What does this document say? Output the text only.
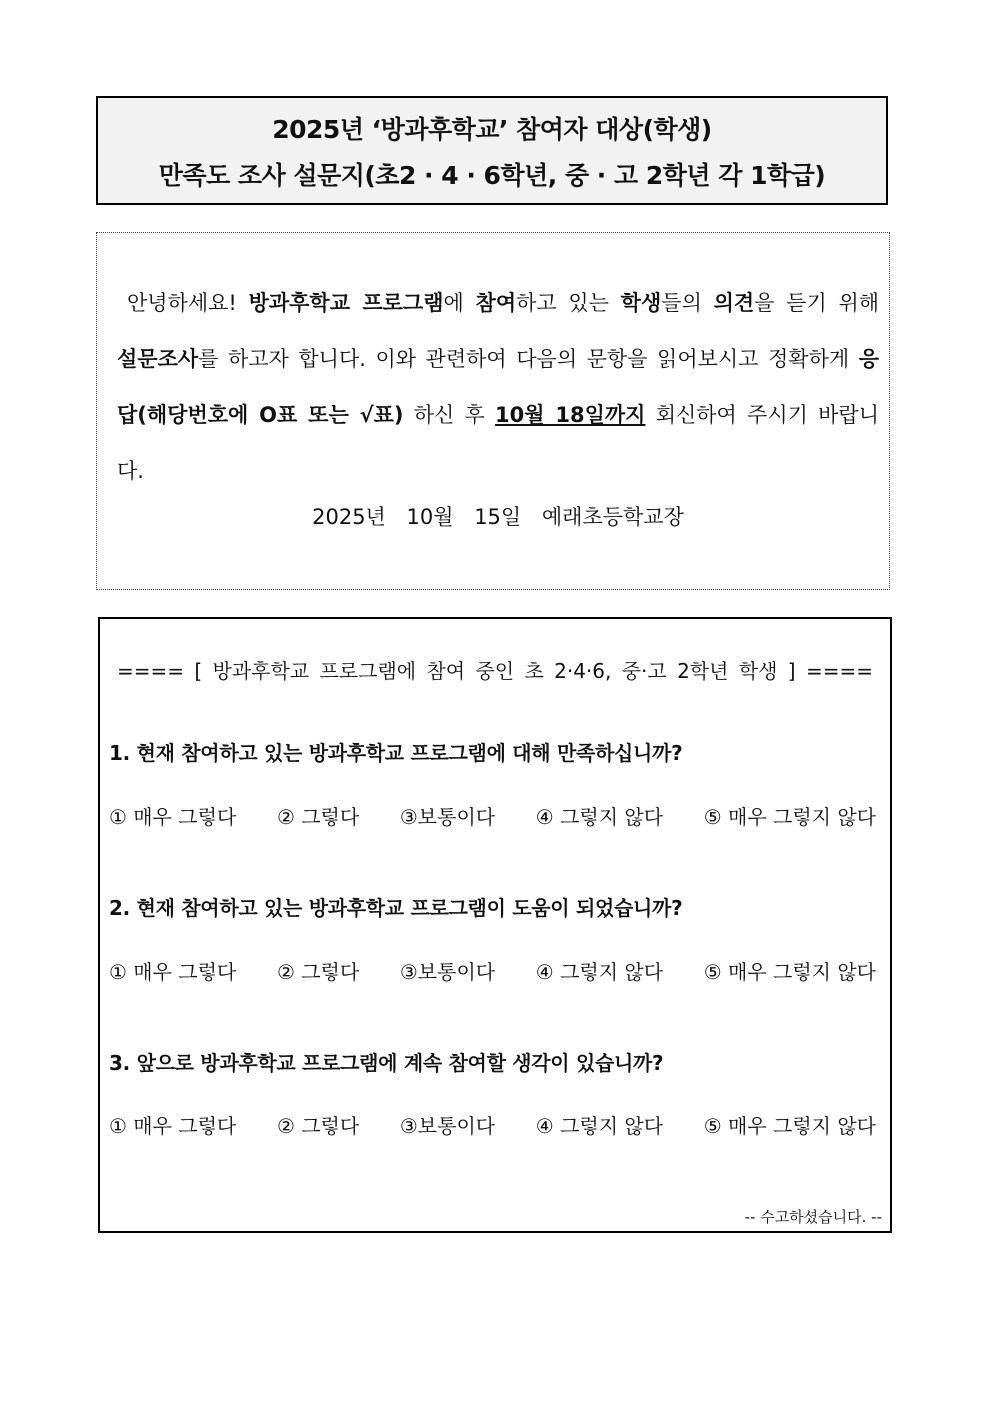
2025년 ‘방과후학교’ 참여자 대상(학생)
만족도 조사 설문지(초2 · 4 · 6학년, 중 · 고 2학년 각 1학급)

안녕하세요! 방과후학교 프로그램에 참여하고 있는 학생들의 의견을 듣기 위해 설문조사를 하고자 합니다. 이와 관련하여 다음의 문항을 읽어보시고 정확하게 응답(해당번호에 O표 또는 √표) 하신 후 10월 18일까지 회신하여 주시기 바랍니다.

2025년 10월 15일 예래초등학교장
==== [ 방과후학교 프로그램에 참여 중인 초 2·4·6, 중·고 2학년 학생 ] ====
1. 현재 참여하고 있는 방과후학교 프로그램에 대해 만족하십니까?
① 매우 그렇다 ② 그렇다 ③보통이다 ④ 그렇지 않다 ⑤ 매우 그렇지 않다
2. 현재 참여하고 있는 방과후학교 프로그램이 도움이 되었습니까?
① 매우 그렇다 ② 그렇다 ③보통이다 ④ 그렇지 않다 ⑤ 매우 그렇지 않다
3. 앞으로 방과후학교 프로그램에 계속 참여할 생각이 있습니까?
① 매우 그렇다 ② 그렇다 ③보통이다 ④ 그렇지 않다 ⑤ 매우 그렇지 않다
-- 수고하셨습니다. --
